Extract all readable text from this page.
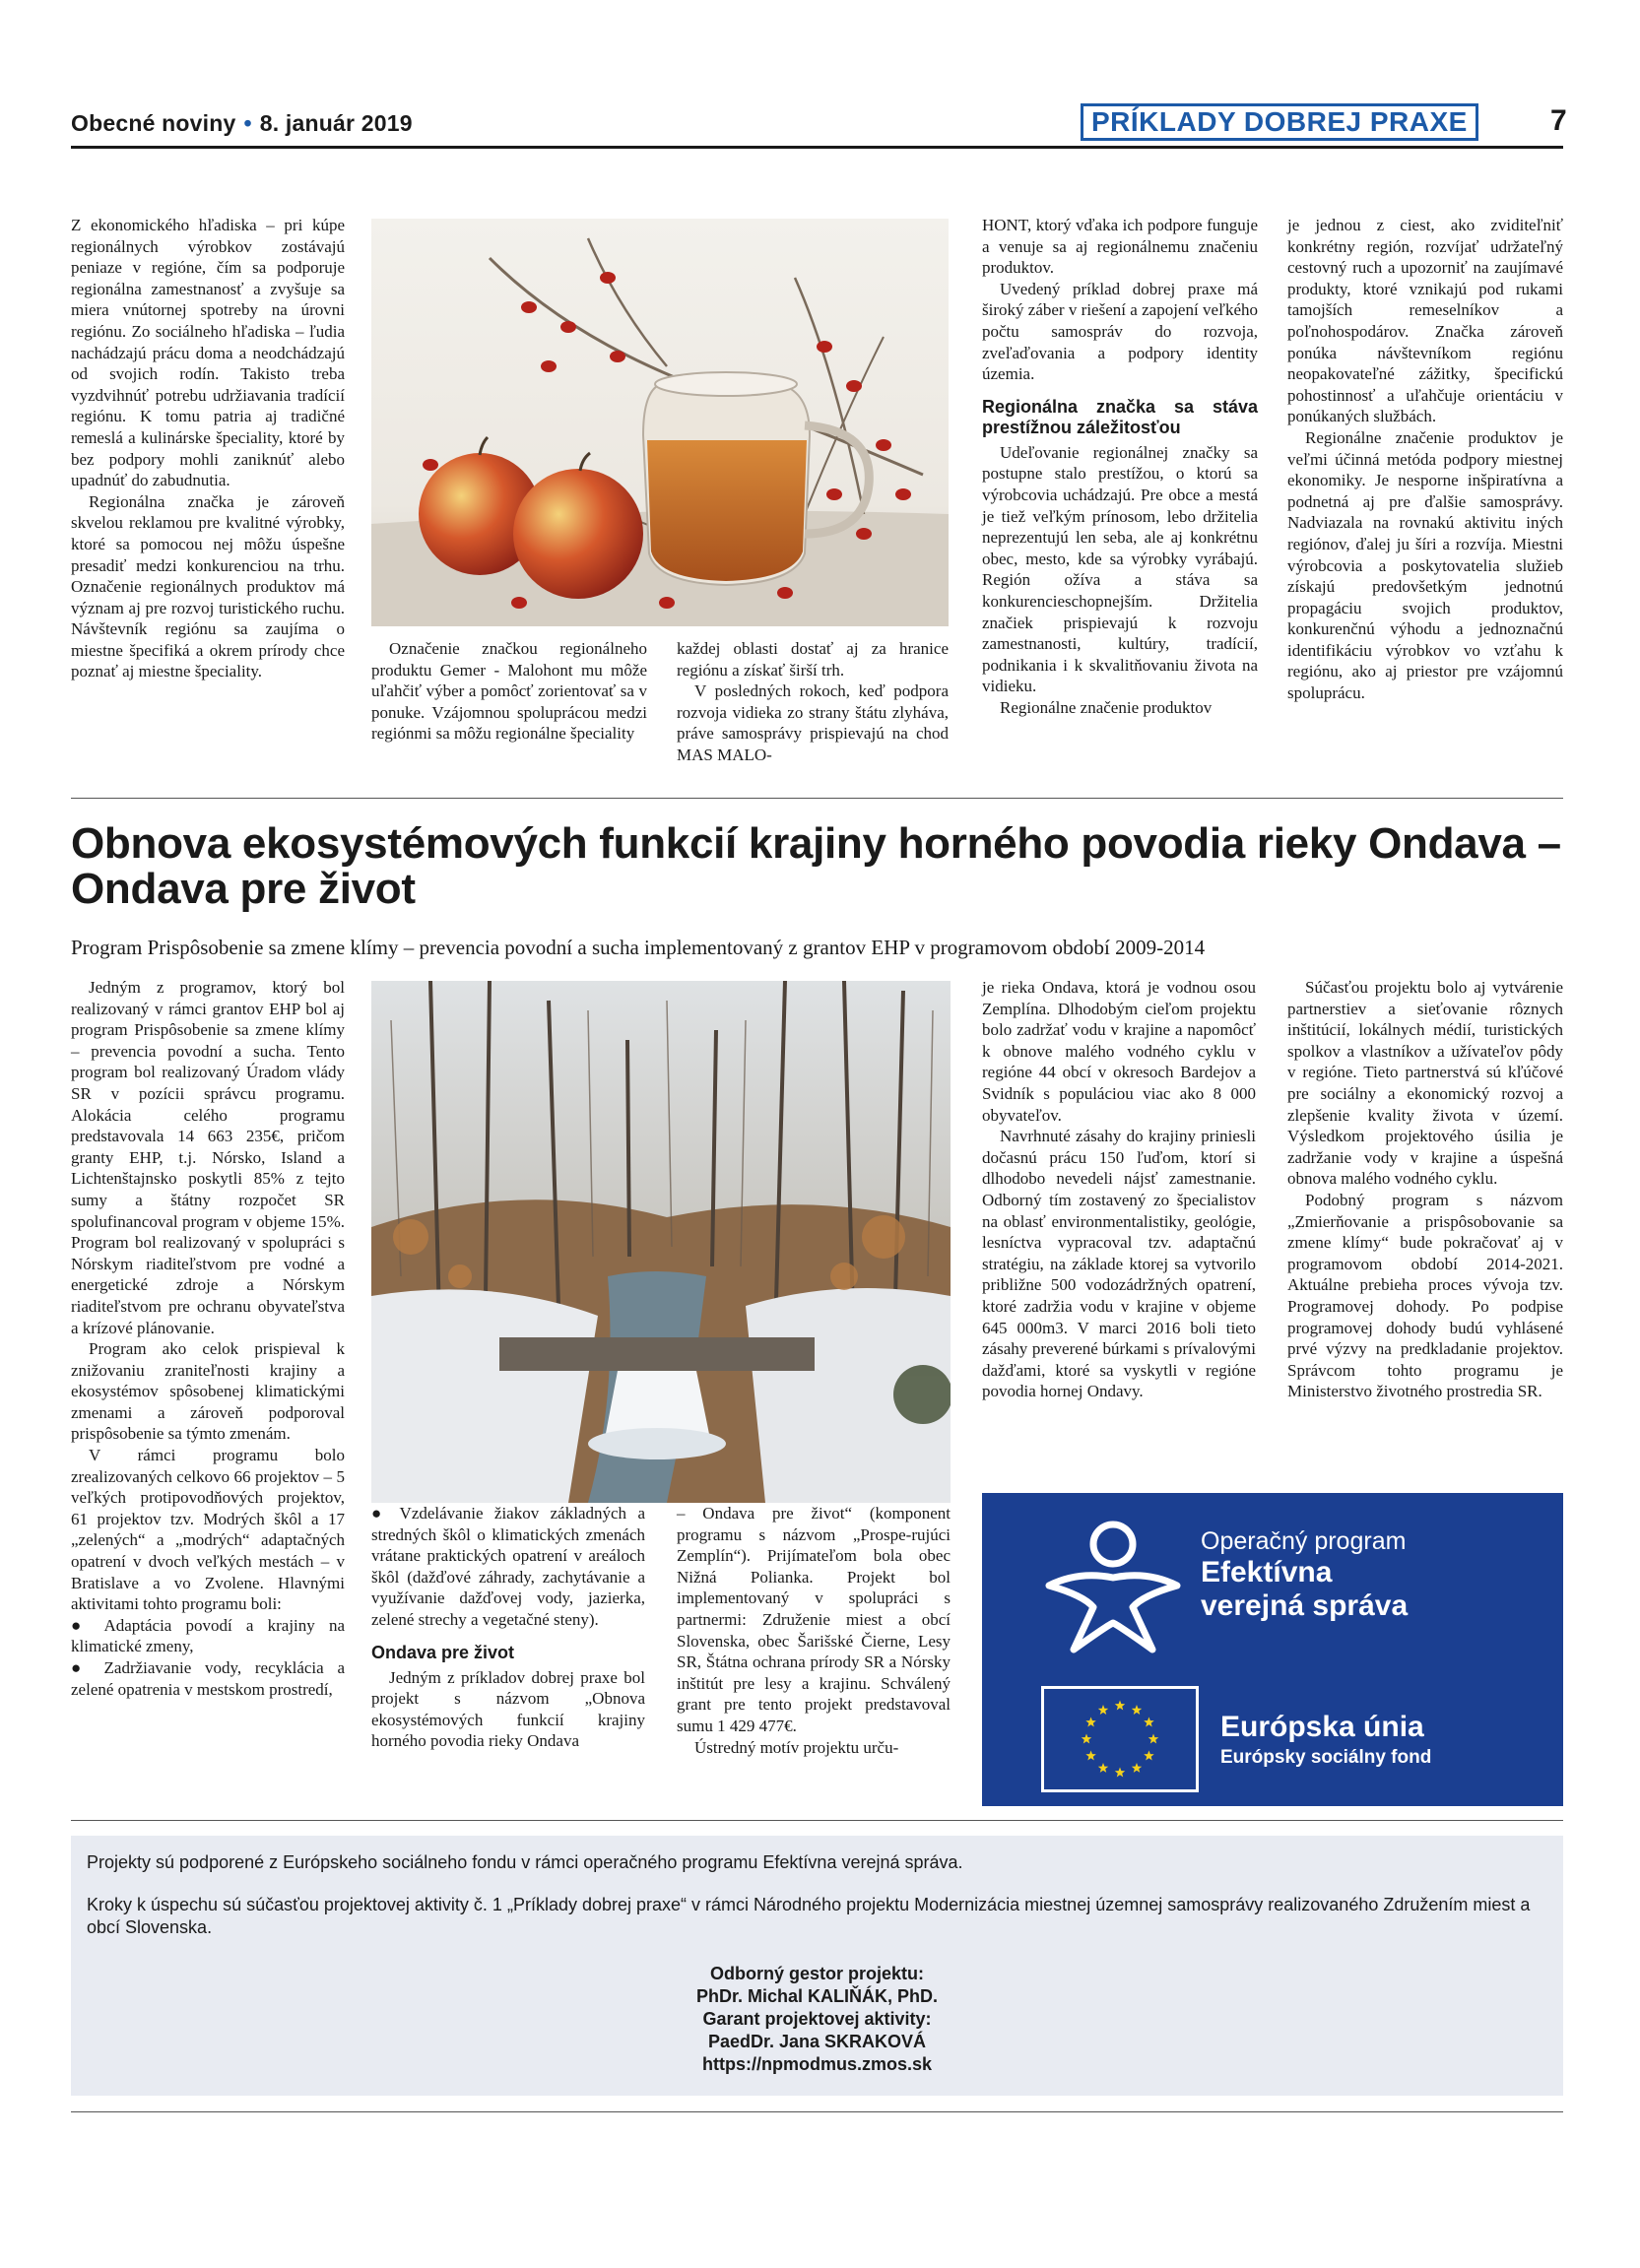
Obecné noviny • 8. január 2019	PRÍKLADY DOBREJ PRAXE	7

Z ekonomického hľadiska – pri kúpe regionálnych výrobkov zostávajú peniaze v regióne, čím sa podporuje regionálna zamestnanosť a zvyšuje sa miera vnútornej spotreby na úrovni regiónu. Zo sociálneho hľadiska – ľudia nachádzajú prácu doma a neodchádzajú od svojich rodín. Takisto treba vyzdvihnúť potrebu udržiavania tradícií regiónu. K tomu patria aj tradičné remeslá a kulinárske špeciality, ktoré by bez podpory mohli zaniknúť alebo upadnúť do zabudnutia.

Regionálna značka je zároveň skvelou reklamou pre kvalitné výrobky, ktoré sa pomocou nej môžu úspešne presadiť medzi konkurenciou na trhu. Označenie regionálnych produktov má význam aj pre rozvoj turistického ruchu. Návštevník regiónu sa zaujíma o miestne špecifiká a okrem prírody chce poznať aj miestne špeciality.

Označenie značkou regionálneho produktu Gemer - Malohont mu môže uľahčiť výber a pomôcť zorientovať sa v ponuke. Vzájomnou spoluprácou medzi regiónmi sa môžu regionálne špeciality

každej oblasti dostať aj za hranice regiónu a získať širší trh.

V posledných rokoch, keď podpora rozvoja vidieka zo strany štátu zlyháva, práve samosprávy prispievajú na chod MAS MALO-

HONT, ktorý vďaka ich podpore funguje a venuje sa aj regionálnemu značeniu produktov.

Uvedený príklad dobrej praxe má široký záber v riešení a zapojení veľkého počtu samospráv do rozvoja, zveľaďovania a podpory identity územia.

Regionálna značka sa stáva prestížnou záležitosťou

Udeľovanie regionálnej značky sa postupne stalo prestížou, o ktorú sa výrobcovia uchádzajú. Pre obce a mestá je tiež veľkým prínosom, lebo držitelia neprezentujú len seba, ale aj konkrétnu obec, mesto, kde sa výrobky vyrábajú. Región ožíva a stáva sa konkurencieschopnejším. Držitelia značiek prispievajú k rozvoju zamestnanosti, kultúry, tradícií, podnikania i k skvalitňovaniu života na vidieku.

Regionálne značenie produktov

je jednou z ciest, ako zviditeľniť konkrétny región, rozvíjať udržateľný cestovný ruch a upozorniť na zaujímavé produkty, ktoré vznikajú pod rukami tamojších remeselníkov a poľnohospodárov. Značka zároveň ponúka návštevníkom regiónu neopakovateľné zážitky, špecifickú pohostinnosť a uľahčuje orientáciu v ponúkaných službách.

Regionálne značenie produktov je veľmi účinná metóda podpory miestnej ekonomiky. Je nesporne inšpiratívna a podnetná aj pre ďalšie samosprávy. Nadviazala na rovnakú aktivitu iných regiónov, ďalej ju šíri a rozvíja. Miestni výrobcovia a poskytovatelia služieb získajú predovšetkým jednotnú propagáciu svojich produktov, konkurenčnú výhodu a jednoznačnú identifikáciu výrobkov vo vzťahu k regiónu, ako aj priestor pre vzájomnú spoluprácu.

Obnova ekosystémových funkcií krajiny horného povodia rieky Ondava – Ondava pre život
Program Prispôsobenie sa zmene klímy – prevencia povodní a sucha implementovaný z grantov EHP v programovom období 2009-2014

Jedným z programov, ktorý bol realizovaný v rámci grantov EHP bol aj program Prispôsobenie sa zmene klímy – prevencia povodní a sucha. Tento program bol realizovaný Úradom vlády SR v pozícii správcu programu. Alokácia celého programu predstavovala 14 663 235€, pričom granty EHP, t.j. Nórsko, Island a Lichtenštajnsko poskytli 85% z tejto sumy a štátny rozpočet SR spolufinancoval program v objeme 15%. Program bol realizovaný v spolupráci s Nórskym riaditeľstvom pre vodné a energetické zdroje a Nórskym riaditeľstvom pre ochranu obyvateľstva a krízové plánovanie.

Program ako celok prispieval k znižovaniu zraniteľnosti krajiny a ekosystémov spôsobenej klimatickými zmenami a zároveň podporoval prispôsobenie sa týmto zmenám.

V rámci programu bolo zrealizovaných celkovo 66 projektov – 5 veľkých protipovodňových projektov, 61 projektov tzv. Modrých škôl a 17 „zelených“ a „modrých“ adaptačných opatrení v dvoch veľkých mestách – v Bratislave a vo Zvolene. Hlavnými aktivitami tohto programu boli:

● Adaptácia povodí a krajiny na klimatické zmeny,

● Zadržiavanie vody, recyklácia a zelené opatrenia v mestskom prostredí,

● Vzdelávanie žiakov základných a stredných škôl o klimatických zmenách vrátane praktických opatrení v areáloch škôl (dažďové záhrady, zachytávanie a využívanie dažďovej vody, jazierka, zelené strechy a vegetačné steny).

Ondava pre život

Jedným z príkladov dobrej praxe bol projekt s názvom „Obnova ekosystémových funkcií krajiny horného povodia rieky Ondava

– Ondava pre život“ (komponent programu s názvom „Prospe-rujúci Zemplín“). Prijímateľom bola obec Nižná Polianka. Projekt bol implementovaný v spolupráci s partnermi: Združenie miest a obcí Slovenska, obec Šarišské Čierne, Lesy SR, Štátna ochrana prírody SR a Nórsky inštitút pre lesy a krajinu. Schválený grant pre tento projekt predstavoval sumu 1 429 477€.

Ústredný motív projektu urču-

je rieka Ondava, ktorá je vodnou osou Zemplína. Dlhodobým cieľom projektu bolo zadržať vodu v krajine a napomôcť k obnove malého vodného cyklu v regióne 44 obcí v okresoch Bardejov a Svidník s populáciou viac ako 8 000 obyvateľov.

Navrhnuté zásahy do krajiny priniesli dočasnú prácu 150 ľuďom, ktorí si dlhodobo nevedeli nájsť zamestnanie. Odborný tím zostavený zo špecialistov na oblasť environmentalistiky, geológie, lesníctva vypracoval tzv. adaptačnú stratégiu, na základe ktorej sa vytvorilo približne 500 vodozádržných opatrení, ktoré zadržia vodu v krajine v objeme 645 000m3. V marci 2016 boli tieto zásahy preverené búrkami s prívalovými dažďami, ktoré sa vyskytli v regióne povodia hornej Ondavy.

Súčasťou projektu bolo aj vytvárenie partnerstiev a sieťovanie rôznych inštitúcií, lokálnych médií, turistických spolkov a vlastníkov a užívateľov pôdy v regióne. Tieto partnerstvá sú kľúčové pre sociálny a ekonomický rozvoj a zlepšenie kvality života v území. Výsledkom projektového úsilia je zadržanie vody v krajine a úspešná obnova malého vodného cyklu.

Podobný program s názvom „Zmierňovanie a prispôsobovanie sa zmene klímy“ bude pokračovať aj v programovom období 2014-2021. Aktuálne prebieha proces vývoja tzv. Programovej dohody. Po podpise programovej dohody budú vyhlásené prvé výzvy na predkladanie projektov. Správcom tohto programu je Ministerstvo životného prostredia SR.

Operačný program
Efektívna
verejná správa
Európska únia
Európsky sociálny fond

Projekty sú podporené z Európskeho sociálneho fondu v rámci operačného programu Efektívna verejná správa.

Kroky k úspechu sú súčasťou projektovej aktivity č. 1 „Príklady dobrej praxe“ v rámci Národného projektu Modernizácia miestnej územnej samosprávy realizovaného Združením miest a obcí Slovenska.

Odborný gestor projektu:

PhDr. Michal KALIŇÁK, PhD.

Garant projektovej aktivity:

PaedDr. Jana SKRAKOVÁ

https://npmodmus.zmos.sk
